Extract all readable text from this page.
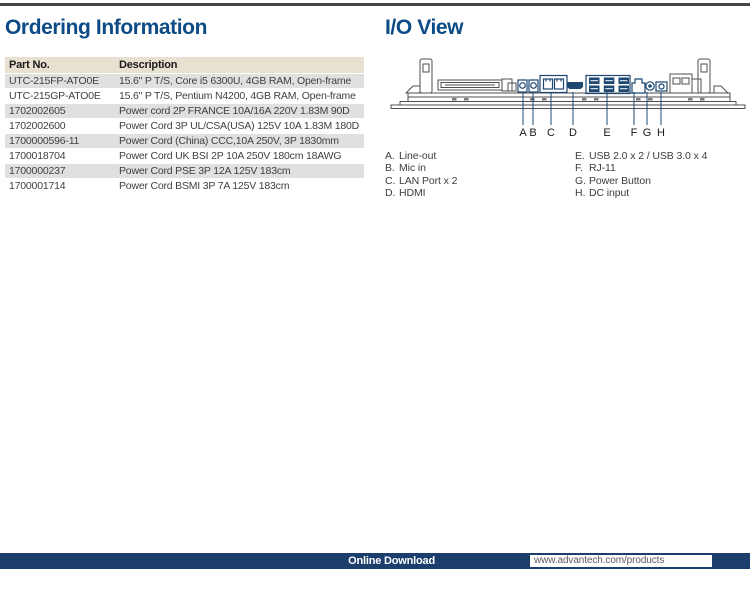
Ordering Information	I/O View
Part No.	Description
UTC-215FP-ATO0E	15.6" P T/S, Core i5 6300U, 4GB RAM, Open-frame
UTC-215GP-ATO0E	15.6" P T/S, Pentium N4200, 4GB RAM, Open-frame
1702002605	Power cord 2P FRANCE 10A/16A 220V 1.83M 90D
1702002600	Power Cord 3P UL/CSA(USA) 125V 10A 1.83M 180D
1700000596-11	Power Cord (China) CCC,10A 250V, 3P 1830mm
1700018704	Power Cord UK BSI 2P 10A 250V 180cm 18AWG
1700000237	Power Cord PSE 3P 12A 125V 183cm
1700001714	Power Cord BSMI 3P 7A 125V 183cm
A B C D E F G H
A. Line-out
B. Mic in
C. LAN Port x 2
D. HDMI
E. USB 2.0 x 2 / USB 3.0 x 4
F. RJ-11
G. Power Button
H. DC input
Online Download	www.advantech.com/products
